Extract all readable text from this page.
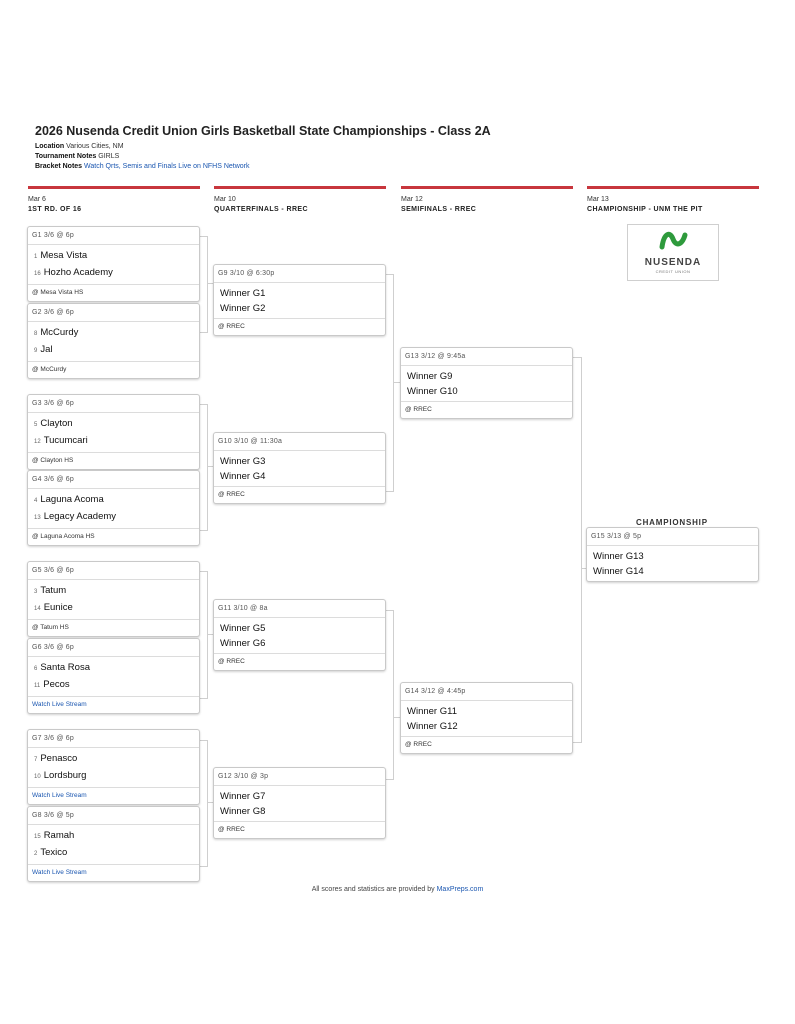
2026 Nusenda Credit Union Girls Basketball State Championships - Class 2A
Location Various Cities, NM
Tournament Notes GIRLS
Bracket Notes Watch Qrts, Semis and Finals Live on NFHS Network
Mar 6
1ST RD. OF 16
Mar 10
QUARTERFINALS - RREC
Mar 12
SEMIFINALS - RREC
Mar 13
CHAMPIONSHIP - UNM THE PIT
NUSENDA
CREDIT UNION
CHAMPIONSHIP
G1 3/6 @ 6p
1 Mesa Vista
16 Hozho Academy
@ Mesa Vista HS
G2 3/6 @ 6p
8 McCurdy
9 Jal
@ McCurdy
G3 3/6 @ 6p
5 Clayton
12 Tucumcari
@ Clayton HS
G4 3/6 @ 6p
4 Laguna Acoma
13 Legacy Academy
@ Laguna Acoma HS
G5 3/6 @ 6p
3 Tatum
14 Eunice
@ Tatum HS
G6 3/6 @ 6p
6 Santa Rosa
11 Pecos
Watch Live Stream
G7 3/6 @ 6p
7 Penasco
10 Lordsburg
Watch Live Stream
G8 3/6 @ 5p
15 Ramah
2 Texico
Watch Live Stream
G9 3/10 @ 6:30p
Winner G1
Winner G2
@ RREC
G10 3/10 @ 11:30a
Winner G3
Winner G4
@ RREC
G11 3/10 @ 8a
Winner G5
Winner G6
@ RREC
G12 3/10 @ 3p
Winner G7
Winner G8
@ RREC
G13 3/12 @ 9:45a
Winner G9
Winner G10
@ RREC
G14 3/12 @ 4:45p
Winner G11
Winner G12
@ RREC
G15 3/13 @ 5p
Winner G13
Winner G14
All scores and statistics are provided by MaxPreps.com
